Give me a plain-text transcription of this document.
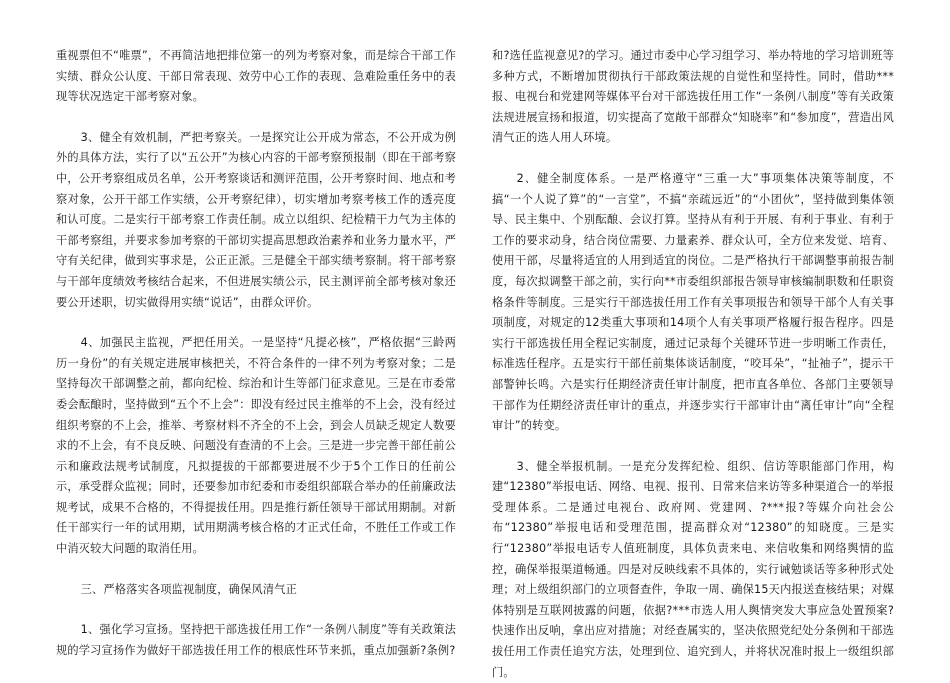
重视票但不“唯票”，不再简洁地把排位第一的列为考察对象，而是综合干部工作实绩、群众公认度、干部日常表现、效劳中心工作的表现、急难险重任务中的表现等状况选定干部考察对象。

3、健全有效机制，严把考察关。一是探究让公开成为常态，不公开成为例外的具体方法，实行了以“五公开”为核心内容的干部考察预报制（即在干部考察中，公开考察组成员名单，公开考察谈话和测评范围，公开考察时间、地点和考察对象，公开干部工作实绩，公开考察纪律），切实增加考察考核工作的透亮度和认可度。二是实行干部考察工作责任制。成立以组织、纪检精干力气为主体的干部考察组，并要求参加考察的干部切实提高思想政治素养和业务力量水平，严守有关纪律，做到实事求是，公正正派。三是健全干部实绩考察制。将干部考察与干部年度绩效考核结合起来，不但进展实绩公示，民主测评前全部考核对象还要公开述职，切实做得用实绩“说话”，由群众评价。

4、加强民主监视，严把任用关。一是坚持“凡提必核”，严格依据“三龄两历一身份”的有关规定进展审核把关，不符合条件的一律不列为考察对象；二是坚持每次干部调整之前，都向纪检、综治和计生等部门征求意见。三是在市委常委会酝酿时，坚持做到“五个不上会”：即没有经过民主推举的不上会，没有经过组织考察的不上会，推举、考察材料不齐全的不上会，到会人员缺乏规定人数要求的不上会，有不良反映、问题没有查清的不上会。三是进一步完善干部任前公示和廉政法规考试制度，凡拟提拔的干部都要进展不少于5个工作日的任前公示，承受群众监视；同时，还要参加市纪委和市委组织部联合举办的任前廉政法规考试，成果不合格的，不得提拔任用。四是推行新任领导干部试用期制。对新任干部实行一年的试用期，试用期满考核合格的才正式任命，不胜任工作或工作中消灭较大问题的取消任用。

三、严格落实各项监视制度，确保风清气正

1、强化学习宣扬。坚持把干部选拔任用工作“一条例八制度”等有关政策法规的学习宣扬作为做好干部选拔任用工作的根底性环节来抓，重点加强新?条例?

和?选任监视意见?的学习。通过市委中心学习组学习、举办特地的学习培训班等多种方式，不断增加贯彻执行干部政策法规的自觉性和坚持性。同时，借助***报、电视台和党建网等媒体平台对干部选拔任用工作“一条例八制度”等有关政策法规进展宣扬和报道，切实提高了宽敞干部群众“知晓率”和“参加度”，营造出风清气正的选人用人环境。

2、健全制度体系。一是严格遵守“三重一大”事项集体决策等制度，不搞“一个人说了算”的“一言堂”，不搞“亲疏远近”的“小团伙”，坚持做到集体领导、民主集中、个别酝酿、会议打算。坚持从有利于开展、有利于事业、有利于工作的要求动身，结合岗位需要、力量素养、群众认可，全方位来发觉、培育、使用干部，尽量将适宜的人用到适宜的岗位。二是严格执行干部调整事前报告制度，每次拟调整干部之前，实行向**市委组织部报告领导审核编制职数和任职资格条件等制度。三是实行干部选拔任用工作有关事项报告和领导干部个人有关事项制度，对规定的12类重大事项和14项个人有关事项严格履行报告程序。四是实行干部选拔任用全程记实制度，通过记录每个关键环节进一步明晰工作责任，标准选任程序。五是实行干部任前集体谈话制度，“咬耳朵”，“扯袖子”，提示干部警钟长鸣。六是实行任期经济责任审计制度，把市直各单位、各部门主要领导干部作为任期经济责任审计的重点，并逐步实行干部审计由“离任审计”向“全程审计”的转变。

3、健全举报机制。一是充分发挥纪检、组织、信访等职能部门作用，构建“12380”举报电话、网络、电视、报刊、日常来信来访等多种渠道合一的举报受理体系。二是通过电视台、政府网、党建网、?***报?等媒介向社会公布“12380”举报电话和受理范围，提高群众对“12380”的知晓度。三是实行“12380”举报电话专人值班制度，具体负责来电、来信收集和网络舆情的监控，确保举报渠道畅通。四是对反映线索不具体的，实行诫勉谈话等多种形式处理；对上级组织部门的立项督查件，争取一周、确保15天内报送查核结果；对媒体特别是互联网披露的问题，依据?***市选人用人舆情突发大事应急处置预案?快速作出反响，拿出应对措施；对经查属实的，坚决依照党纪处分条例和干部选拔任用工作责任追究方法，处理到位、追究到人，并将状况准时报上一级组织部门。
